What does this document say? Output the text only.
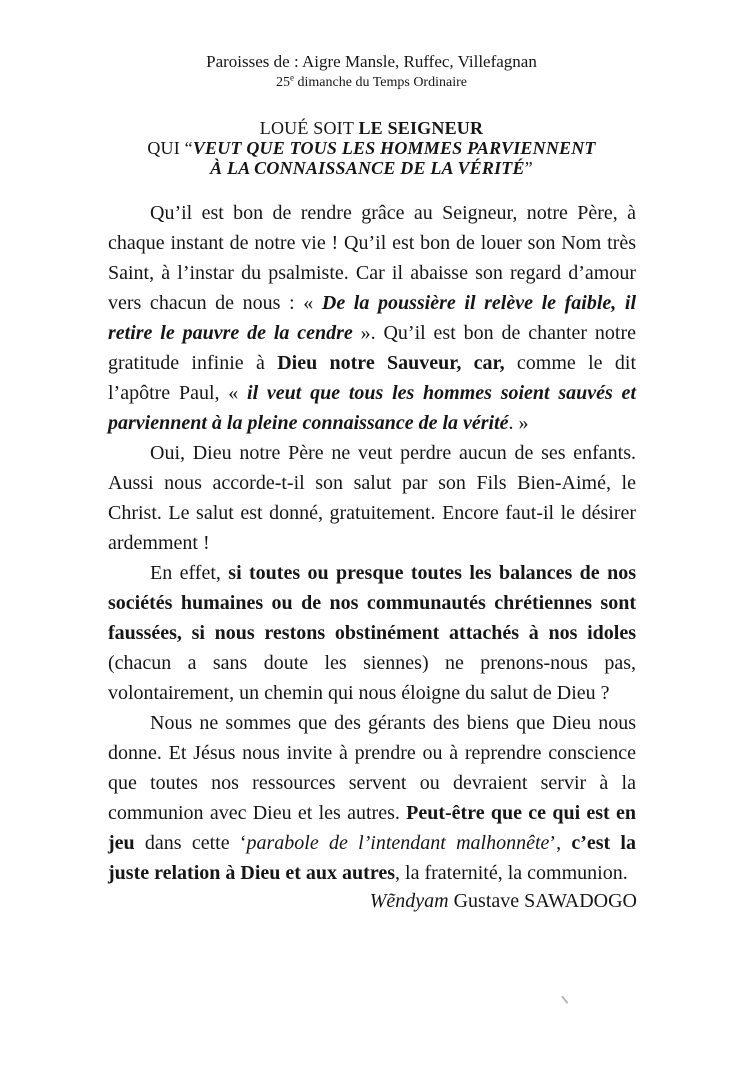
Paroisses de : Aigre Mansle, Ruffec, Villefagnan
25e dimanche du Temps Ordinaire
LOUÉ SOIT LE SEIGNEUR
QUI “VEUT QUE TOUS LES HOMMES PARVIENNENT
À LA CONNAISSANCE DE LA VÉRITÉ”

Qu’il est bon de rendre grâce au Seigneur, notre Père, à chaque instant de notre vie ! Qu’il est bon de louer son Nom très Saint, à l’instar du psalmiste. Car il abaisse son regard d’amour vers chacun de nous : « De la poussière il relève le faible, il retire le pauvre de la cendre ». Qu’il est bon de chanter notre gratitude infinie à Dieu notre Sauveur, car, comme le dit l’apôtre Paul, « il veut que tous les hommes soient sauvés et parviennent à la pleine connaissance de la vérité. »

Oui, Dieu notre Père ne veut perdre aucun de ses enfants. Aussi nous accorde-t-il son salut par son Fils Bien-Aimé, le Christ. Le salut est donné, gratuitement. Encore faut-il le désirer ardemment !

En effet, si toutes ou presque toutes les balances de nos sociétés humaines ou de nos communautés chrétiennes sont faussées, si nous restons obstinément attachés à nos idoles (chacun a sans doute les siennes) ne prenons-nous pas, volontairement, un chemin qui nous éloigne du salut de Dieu ?

Nous ne sommes que des gérants des biens que Dieu nous donne. Et Jésus nous invite à prendre ou à reprendre conscience que toutes nos ressources servent ou devraient servir à la communion avec Dieu et les autres. Peut-être que ce qui est en jeu dans cette ‘parabole de l’intendant malhonnête’, c’est la juste relation à Dieu et aux autres, la fraternité, la communion.

Wẽndyam Gustave SAWADOGO
